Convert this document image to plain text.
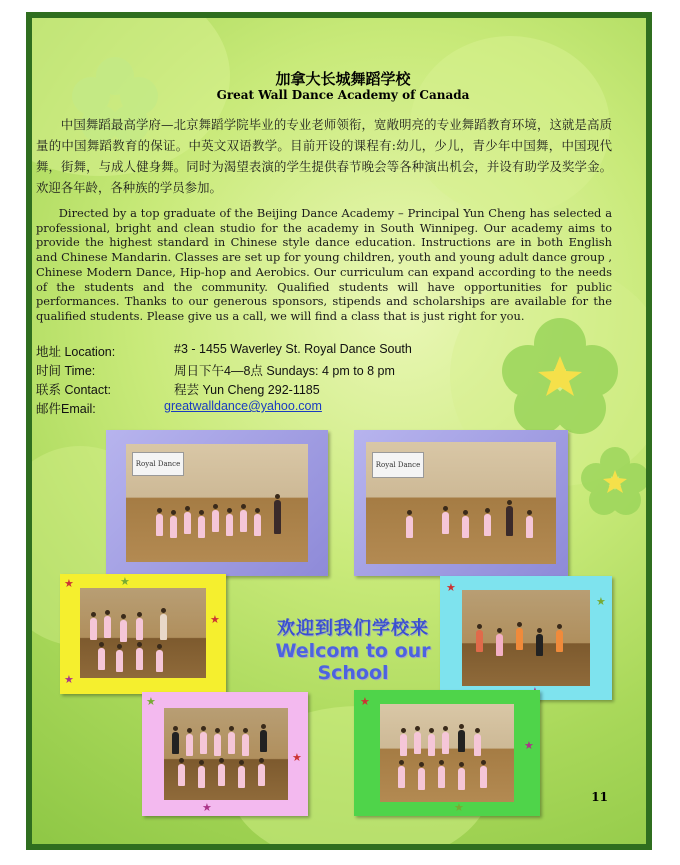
加拿大长城舞蹈学校
Great Wall Dance Academy of Canada
中国舞蹈最高学府—北京舞蹈学院毕业的专业老师领衔，宽敞明亮的专业舞蹈教育环境，这就是高质量的中国舞蹈教育的保证。中英文双语教学。目前开设的课程有:幼儿，少儿，青少年中国舞，中国现代舞，街舞，与成人健身舞。同时为渴望表演的学生提供春节晚会等各种演出机会，并设有助学及奖学金。欢迎各年龄，各种族的学员参加。
Directed by a top graduate of the Beijing Dance Academy – Principal Yun Cheng has selected a professional, bright and clean studio for the academy in South Winnipeg. Our academy aims to provide the highest standard in Chinese style dance education. Instructions are in both English and Chinese Mandarin. Classes are set up for young children, youth and young adult dance group , Chinese Modern Dance, Hip-hop and Aerobics. Our curriculum can expand according to the needs of the students and the community. Qualified students will have opportunities for public performances. Thanks to our generous sponsors, stipends and scholarships are available for the qualified students. Please give us a call, we will find a class that is just right for you.
地址 Location:	#3 - 1455 Waverley St. Royal Dance South
时间 Time:	周日下午4—8点 Sundays: 4 pm to 8 pm
联系 Contact:	程芸 Yun Cheng 292-1185
邮件Email:	greatwalldance@yahoo.com
Royal Dance	Royal Dance
★	★
★
★
欢迎到我们学校来
Welcom to our School
★
★
★
★
★
★
★
★
11
